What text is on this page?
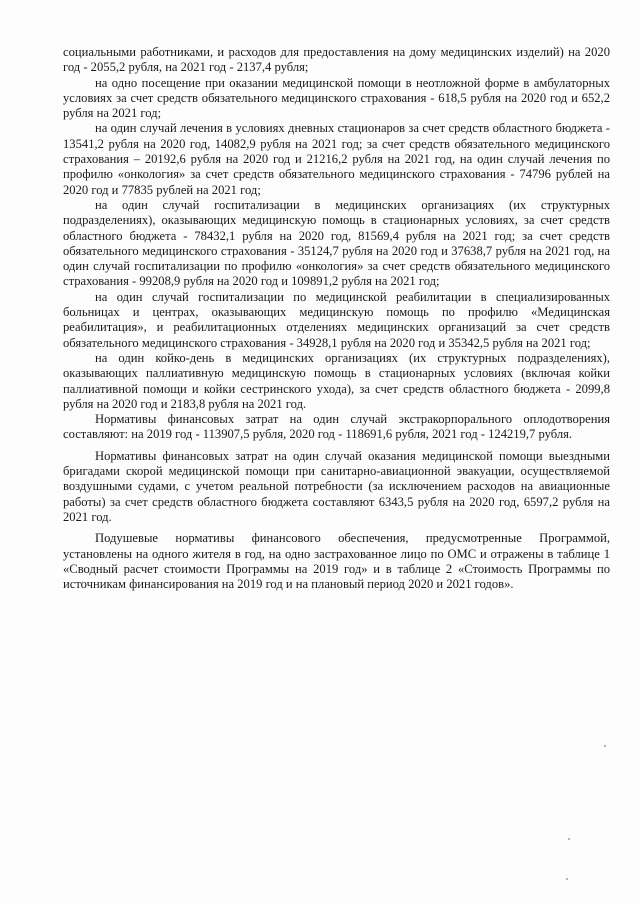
социальными работниками, и расходов для предоставления на дому медицинских изделий) на 2020 год - 2055,2 рубля, на 2021 год - 2137,4 рубля;

на одно посещение при оказании медицинской помощи в неотложной форме в амбулаторных условиях за счет средств обязательного медицинского страхования - 618,5 рубля на 2020 год и 652,2 рубля на 2021 год;

на один случай лечения в условиях дневных стационаров за счет средств областного бюджета - 13541,2 рубля на 2020 год, 14082,9 рубля на 2021 год; за счет средств обязательного медицинского страхования – 20192,6 рубля на 2020 год и 21216,2 рубля на 2021 год, на один случай лечения по профилю «онкология» за счет средств обязательного медицинского страхования - 74796 рублей на 2020 год и 77835 рублей на 2021 год;

на один случай госпитализации в медицинских организациях (их структурных подразделениях), оказывающих медицинскую помощь в стационарных условиях, за счет средств областного бюджета - 78432,1 рубля на 2020 год, 81569,4 рубля на 2021 год; за счет средств обязательного медицинского страхования - 35124,7 рубля на 2020 год и 37638,7 рубля на 2021 год, на один случай госпитализации по профилю «онкология» за счет средств обязательного медицинского страхования - 99208,9 рубля на 2020 год и 109891,2 рубля на 2021 год;

на один случай госпитализации по медицинской реабилитации в специализированных больницах и центрах, оказывающих медицинскую помощь по профилю «Медицинская реабилитация», и реабилитационных отделениях медицинских организаций за счет средств обязательного медицинского страхования - 34928,1 рубля на 2020 год и 35342,5 рубля на 2021 год;

на один койко-день в медицинских организациях (их структурных подразделениях), оказывающих паллиативную медицинскую помощь в стационарных условиях (включая койки паллиативной помощи и койки сестринского ухода), за счет средств областного бюджета - 2099,8 рубля на 2020 год и 2183,8 рубля на 2021 год.

Нормативы финансовых затрат на один случай экстракорпорального оплодотворения составляют: на 2019 год - 113907,5 рубля, 2020 год - 118691,6 рубля, 2021 год - 124219,7 рубля.

Нормативы финансовых затрат на один случай оказания медицинской помощи выездными бригадами скорой медицинской помощи при санитарно-авиационной эвакуации, осуществляемой воздушными судами, с учетом реальной потребности (за исключением расходов на авиационные работы) за счет средств областного бюджета составляют 6343,5 рубля на 2020 год, 6597,2 рубля на 2021 год.

Подушевые нормативы финансового обеспечения, предусмотренные Программой, установлены на одного жителя в год, на одно застрахованное лицо по ОМС и отражены в таблице 1 «Сводный расчет стоимости Программы на 2019 год» и в таблице 2 «Стоимость Программы по источникам финансирования на 2019 год и на плановый период 2020 и 2021 годов».
